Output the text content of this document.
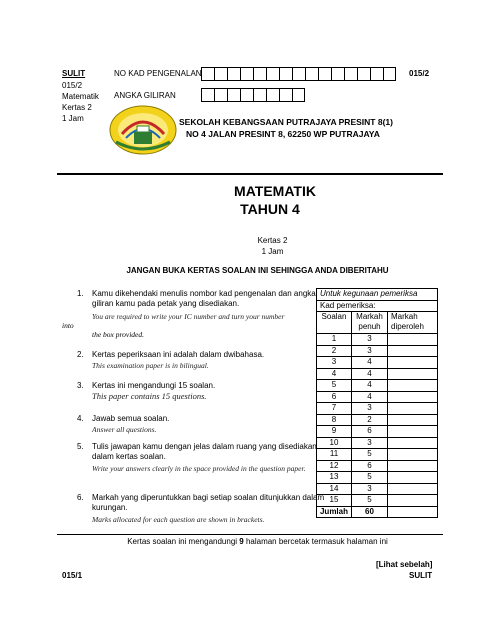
SULIT
015/2
Matematik
Kertas 2
1 Jam
NO KAD PENGENALAN	015/2
ANGKA GILIRAN
SEKOLAH KEBANGSAAN PUTRAJAYA PRESINT 8(1)
NO 4 JALAN PRESINT 8, 62250 WP PUTRAJAYA
MATEMATIK
TAHUN 4
Kertas 2
1 Jam
JANGAN BUKA KERTAS SOALAN INI SEHINGGA ANDA DIBERITAHU
1. Kamu dikehendaki menulis nombor kad pengenalan dan angka giliran kamu pada petak yang disediakan.
You are required to write your IC number and turn your number
into
the box provided.
2. Kertas peperiksaan ini adalah dalam dwibahasa.
This examination paper is in bilingual.
3. Kertas ini mengandungi 15 soalan.
This paper contains 15 questions.
4. Jawab semua soalan.
Answer all questions.
5. Tulis jawapan kamu dengan jelas dalam ruang yang disediakan dalam kertas soalan.
Write your answers clearly in the space provided in the question paper.
6. Markah yang diperuntukkan bagi setiap soalan ditunjukkan dalam kurungan.
Marks allocated for each question are shown in brackets.
Untuk kegunaan pemeriksa		
Kad pemeriksa:		
Soalan	Markah penuh	Markah diperoleh
1	3	
2	3	
3	4	
4	4	
5	4	
6	4	
7	3	
8	2	
9	6	
10	3	
11	5	
12	6	
13	5	
14	3	
15	5	
Jumlah	60	
Kertas soalan ini mengandungi 9 halaman bercetak termasuk halaman ini
[Lihat sebelah]
015/1	SULIT
